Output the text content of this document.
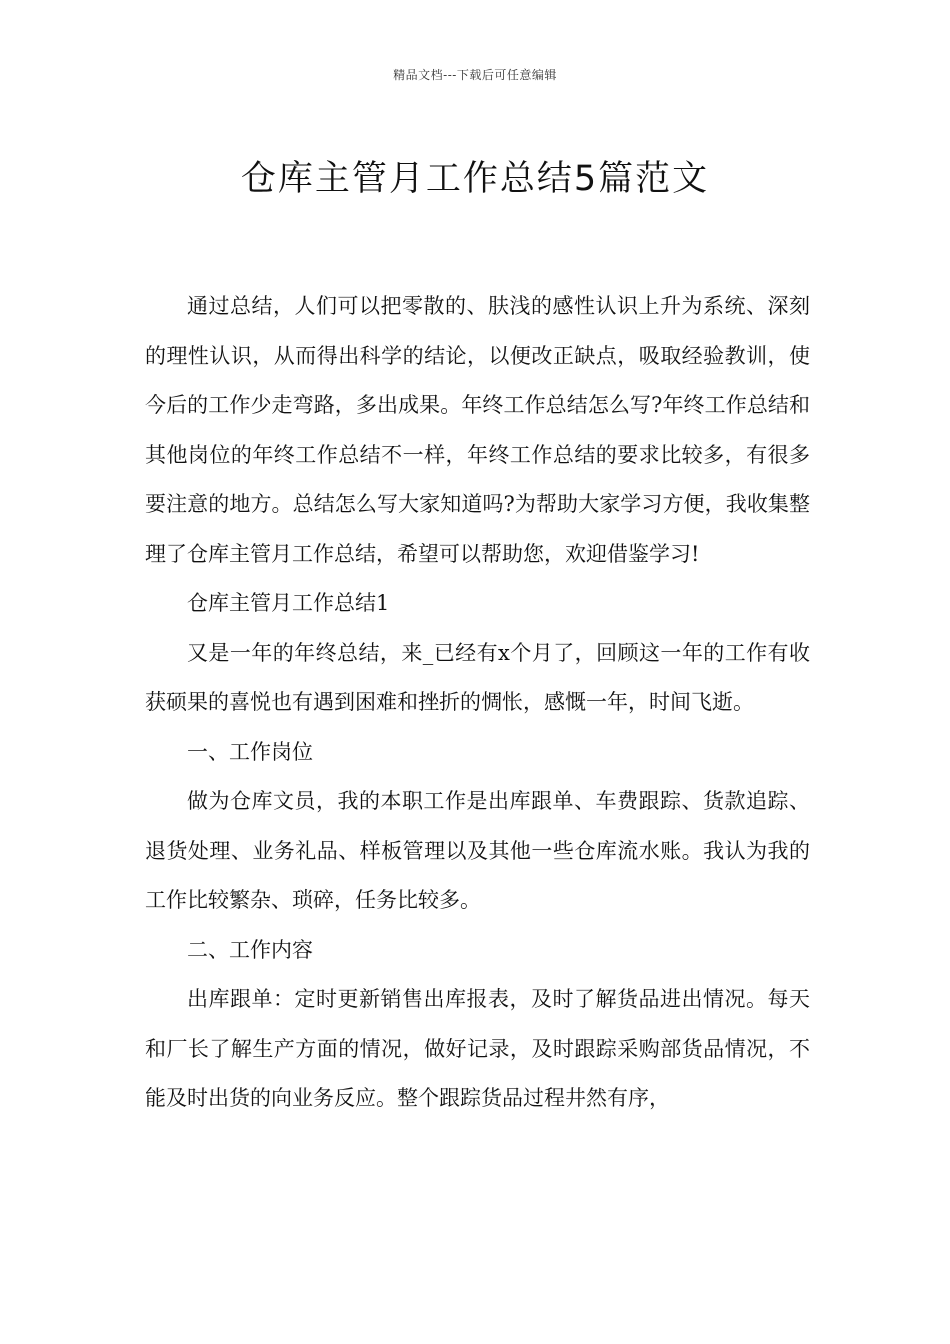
精品文档---下载后可任意编辑
仓库主管月工作总结5篇范文

通过总结，人们可以把零散的、肤浅的感性认识上升为系统、深刻的理性认识，从而得出科学的结论，以便改正缺点，吸取经验教训，使今后的工作少走弯路，多出成果。年终工作总结怎么写?年终工作总结和其他岗位的年终工作总结不一样，年终工作总结的要求比较多，有很多要注意的地方。总结怎么写大家知道吗?为帮助大家学习方便，我收集整理了仓库主管月工作总结，希望可以帮助您，欢迎借鉴学习!

仓库主管月工作总结1

又是一年的年终总结，来_已经有x个月了，回顾这一年的工作有收获硕果的喜悦也有遇到困难和挫折的惆怅，感慨一年，时间飞逝。

一、工作岗位

做为仓库文员，我的本职工作是出库跟单、车费跟踪、货款追踪、退货处理、业务礼品、样板管理以及其他一些仓库流水账。我认为我的工作比较繁杂、琐碎，任务比较多。

二、工作内容

出库跟单：定时更新销售出库报表，及时了解货品进出情况。每天和厂长了解生产方面的情况，做好记录，及时跟踪采购部货品情况，不能及时出货的向业务反应。整个跟踪货品过程井然有序，
